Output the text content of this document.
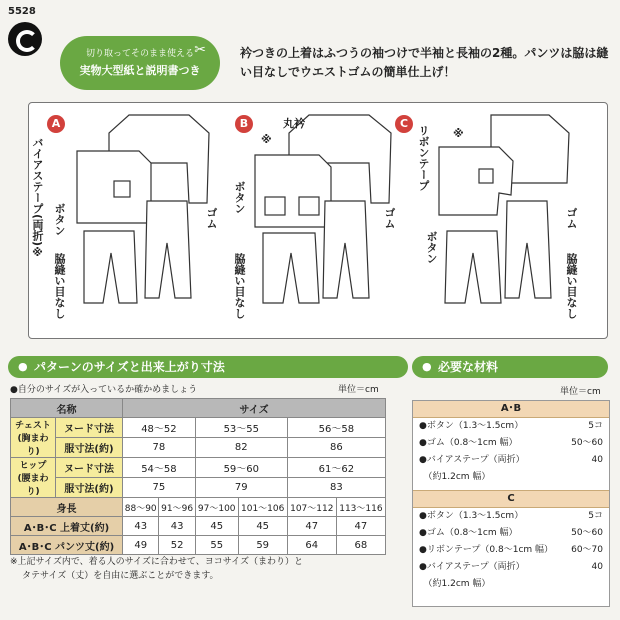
5528
切り取ってそのまま使える
実物大型紙と説明書つき
✂	衿つきの上着はふつうの袖つけで半袖と長袖の2種。パンツは脇は縫い目なしでウエストゴムの簡単仕上げ！
A
バイアステープ(両折)※ ボタン	ゴム
脇縫い目なし
B	丸衿
※
ボタン
ゴム
脇縫い目なし
C
リボンテープ ※
ボタン
ゴム
脇縫い目なし
● パターンのサイズと出来上がり寸法
●自分のサイズが入っているか確かめましょう	単位＝cm
名称		サイズ					
チェスト
(胸まわり)	ヌード寸法	48〜52		53〜55		56〜58	
	服寸法(約)	78		82		86	
ヒップ
(腰まわり)	ヌード寸法	54〜58		59〜60		61〜62	
	服寸法(約)	75		79		83	
身長		88〜90	91〜96	97〜100	101〜106	107〜112	113〜116
A･B･C 上着丈(約)		43	43	45	45	47	47
A･B･C パンツ丈(約)		49	52	55	59	64	68
※上記サイズ内で、着る人のサイズに合わせて、ヨコサイズ（まわり）と
タテサイズ（丈）を自由に選ぶことができます。
● 必要な材料
単位＝cm
A･B
●ボタン（1.3〜1.5cm）	5コ
●ゴム（0.8〜1cm 幅）	50〜60
●バイアステープ（両折）	40
　（約1.2cm 幅）
C
●ボタン（1.3〜1.5cm）	5コ
●ゴム（0.8〜1cm 幅）	50〜60
●リボンテープ（0.8〜1cm 幅）	60〜70
●バイアステープ（両折）	40
　（約1.2cm 幅）
